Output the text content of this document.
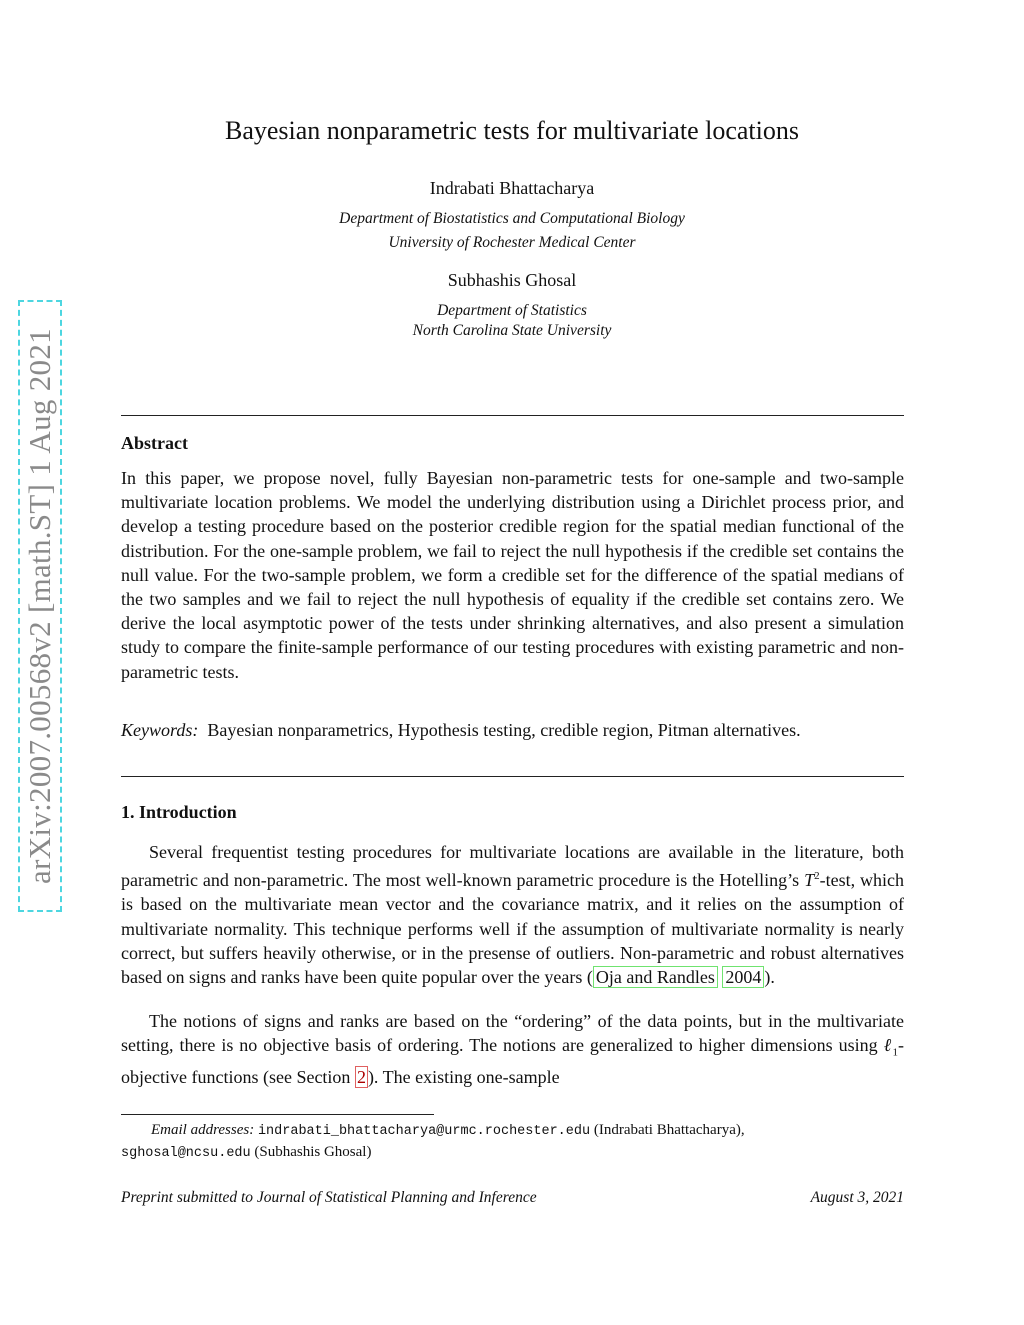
arXiv:2007.00568v2 [math.ST] 1 Aug 2021
Bayesian nonparametric tests for multivariate locations
Indrabati Bhattacharya
Department of Biostatistics and Computational Biology
University of Rochester Medical Center
Subhashis Ghosal
Department of Statistics
North Carolina State University
Abstract
In this paper, we propose novel, fully Bayesian non-parametric tests for one-sample and two-sample multivariate location problems. We model the underlying distribution using a Dirichlet process prior, and develop a testing procedure based on the posterior credible region for the spatial median functional of the distribution. For the one-sample problem, we fail to reject the null hypothesis if the credible set contains the null value. For the two-sample problem, we form a credible set for the difference of the spatial medians of the two samples and we fail to reject the null hypothesis of equality if the credible set contains zero. We derive the local asymptotic power of the tests under shrinking alternatives, and also present a simulation study to compare the finite-sample performance of our testing procedures with existing parametric and non-parametric tests.
Keywords: Bayesian nonparametrics, Hypothesis testing, credible region, Pitman alternatives.
1. Introduction
Several frequentist testing procedures for multivariate locations are available in the literature, both parametric and non-parametric. The most well-known parametric procedure is the Hotelling’s $T^2$-test, which is based on the multivariate mean vector and the covariance matrix, and it relies on the assumption of multivariate normality. This technique performs well if the assumption of multivariate normality is nearly correct, but suffers heavily otherwise, or in the presense of outliers. Non-parametric and robust alternatives based on signs and ranks have been quite popular over the years ( Oja and Randles 2004 ).
The notions of signs and ranks are based on the “ordering” of the data points, but in the multivariate setting, there is no objective basis of ordering. The notions are generalized to higher dimensions using ℓ$_1$-objective functions (see Section 2 ). The existing one-sample
Email addresses: indrabati_bhattacharya@urmc.rochester.edu (Indrabati Bhattacharya),
sghosal@ncsu.edu (Subhashis Ghosal)
Preprint submitted to Journal of Statistical Planning and Inference	August 3, 2021
